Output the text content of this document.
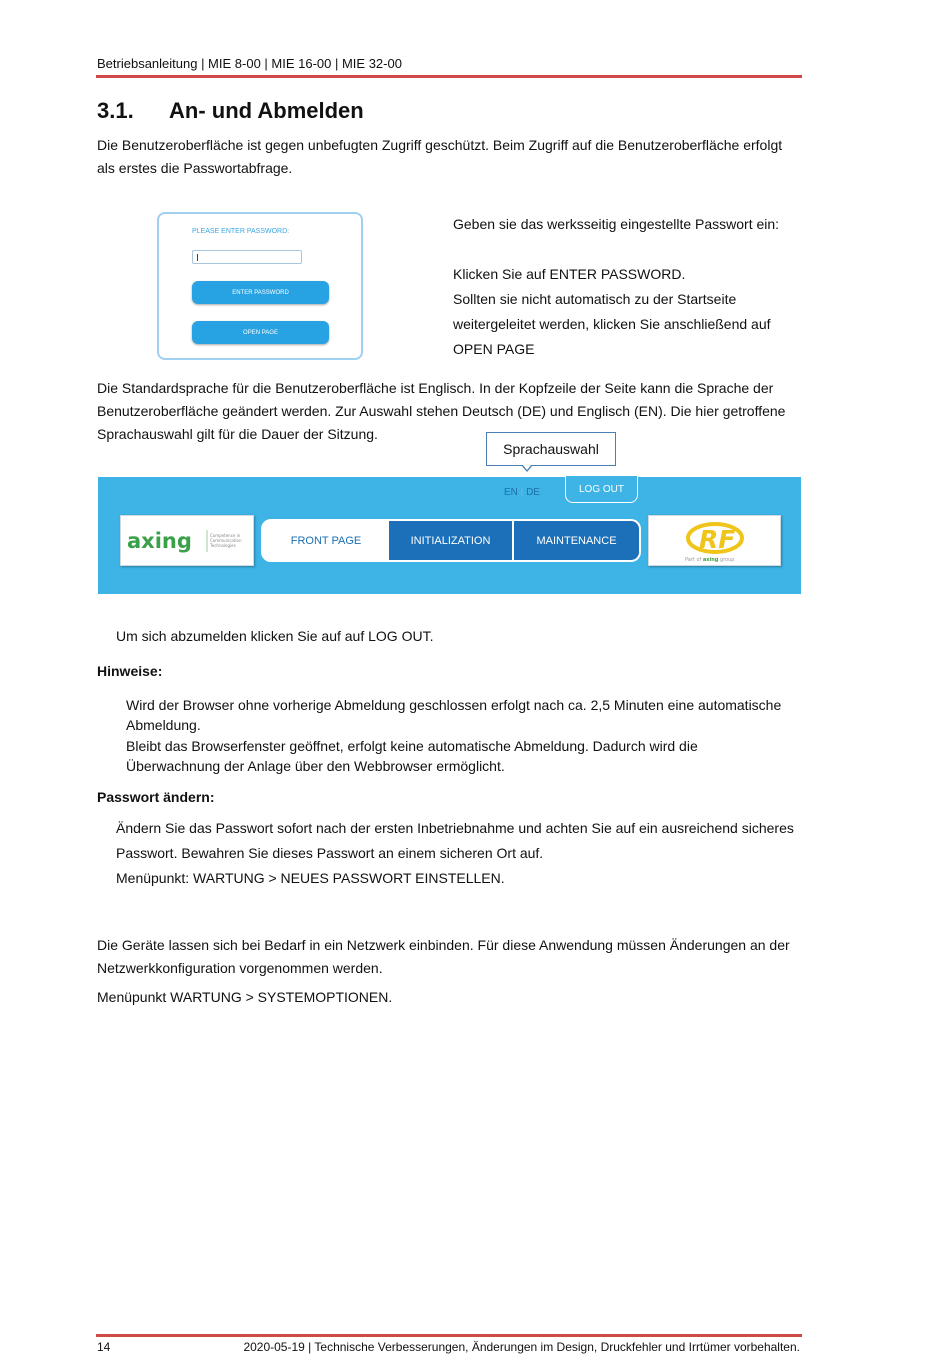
Betriebsanleitung | MIE 8-00 | MIE 16-00 | MIE 32-00
3.1. An- und Abmelden

Die Benutzeroberfläche ist gegen unbefugten Zugriff geschützt. Beim Zugriff auf die Benutzeroberfläche erfolgt als erstes die Passwortabfrage.

PLEASE ENTER PASSWORD:
ENTER PASSWORD
OPEN PAGE

Geben sie das werksseitig eingestellte Passwort ein:

Klicken Sie auf ENTER PASSWORD.

Sollten sie nicht automatisch zu der Startseite

weitergeleitet werden, klicken Sie anschließend auf

OPEN PAGE

Die Standardsprache für die Benutzeroberfläche ist Englisch. In der Kopfzeile der Seite kann die Sprache der Benutzeroberfläche geändert werden. Zur Auswahl stehen Deutsch (DE) und Englisch (EN). Die hier getroffene Sprachauswahl gilt für die Dauer der Sitzung.

Sprachauswahl
EN | DE	LOG OUT
axing	Competence in Communication Technologies	FRONT PAGE	INITIALIZATION	MAINTENANCE	RF
Part of axing group

Um sich abzumelden klicken Sie auf auf LOG OUT.

Hinweise:

Wird der Browser ohne vorherige Abmeldung geschlossen erfolgt nach ca. 2,5 Minuten eine automatische Abmeldung.

Bleibt das Browserfenster geöffnet, erfolgt keine automatische Abmeldung. Dadurch wird die Überwachnung der Anlage über den Webbrowser ermöglicht.

Passwort ändern:

Ändern Sie das Passwort sofort nach der ersten Inbetriebnahme und achten Sie auf ein ausreichend sicheres

Passwort. Bewahren Sie dieses Passwort an einem sicheren Ort auf.

Menüpunkt: WARTUNG > NEUES PASSWORT EINSTELLEN.

Die Geräte lassen sich bei Bedarf in ein Netzwerk einbinden. Für diese Anwendung müssen Änderungen an der Netzwerkkonfiguration vorgenommen werden.

Menüpunkt WARTUNG > SYSTEMOPTIONEN.

14	2020-05-19 | Technische Verbesserungen, Änderungen im Design, Druckfehler und Irrtümer vorbehalten.
